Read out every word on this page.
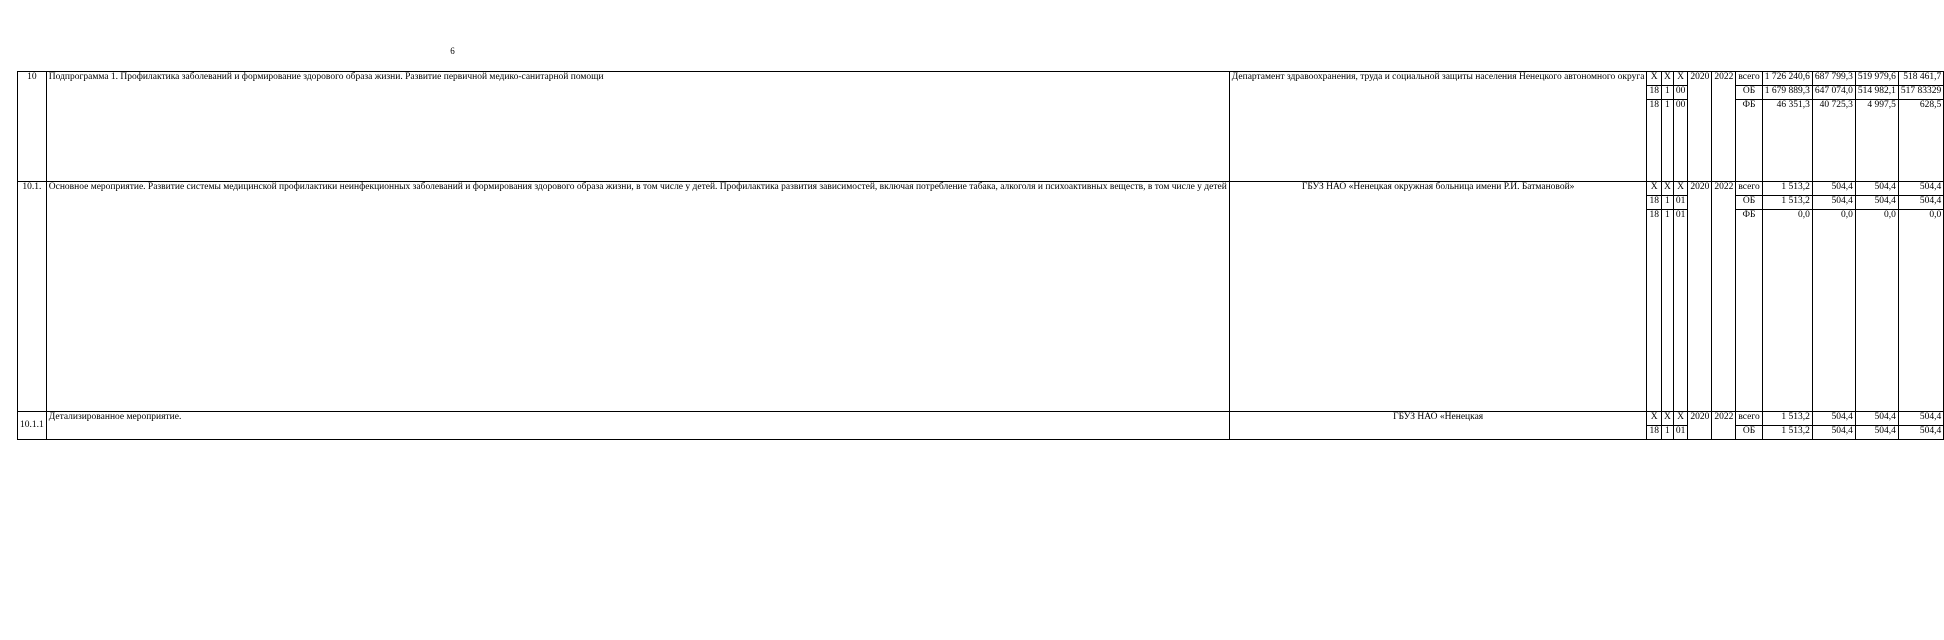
6
10	Подпрограмма 1. Профилактика заболеваний и формирование здорового образа жизни. Развитие первичной медико-санитарной помощи	Департамент здравоохранения, труда и социальной защиты населения Ненецкого автономного округа	Х	Х	Х	2020	2022	всего	1 726 240,6	687 799,3	519 979,6	518 461,7
			18	1	00			ОБ	1 679 889,3	647 074,0	514 982,1	517 83329
			18	1	00			ФБ	46 351,3	40 725,3	4 997,5	628,5
10.1.	Основное мероприятие. Развитие системы медицинской профилактики неинфекционных заболеваний и формирования здорового образа жизни, в том числе у детей. Профилактика развития зависимостей, включая потребление табака, алкоголя и психоактивных веществ, в том числе у детей	ГБУЗ НАО «Ненецкая окружная больница имени Р.И. Батмановой»	Х	Х	Х	2020	2022	всего	1 513,2	504,4	504,4	504,4
			18	1	01			ОБ	1 513,2	504,4	504,4	504,4
			18	1	01			ФБ	0,0	0,0	0,0	0,0
10.1.1	Детализированное мероприятие.	ГБУЗ НАО «Ненецкая	Х	Х	Х	2020	2022	всего	1 513,2	504,4	504,4	504,4
			18	1	01			ОБ	1 513,2	504,4	504,4	504,4
